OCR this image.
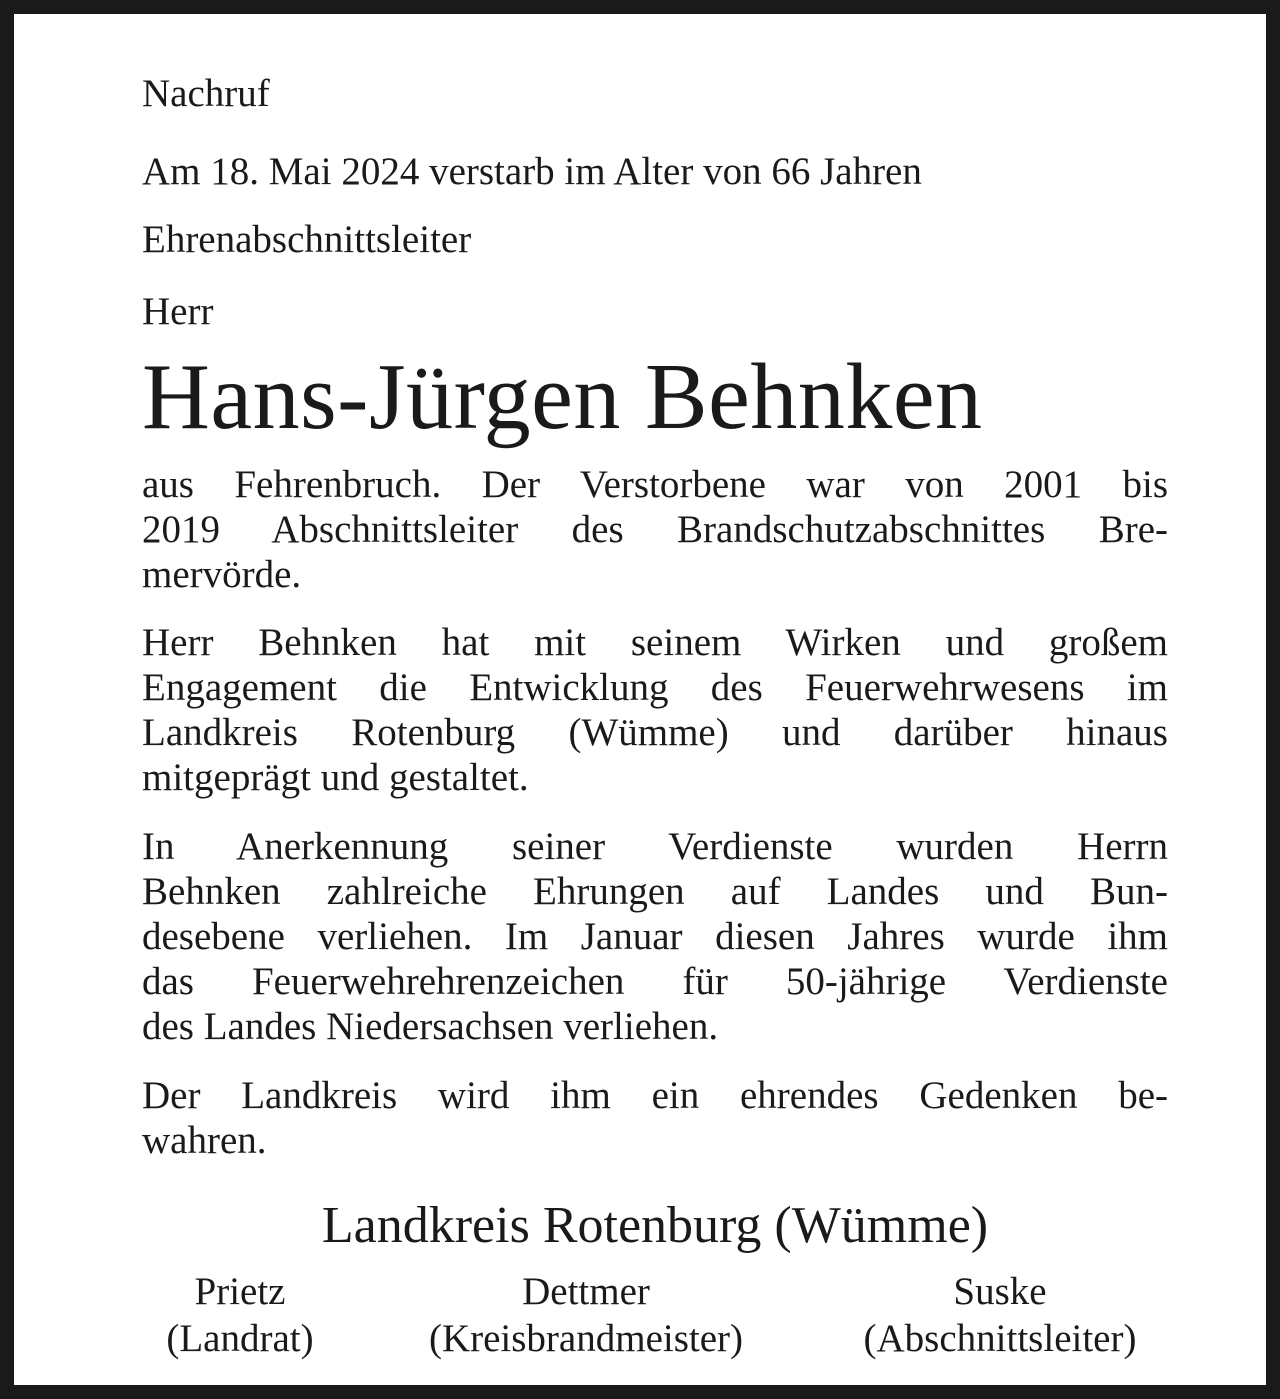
Nachruf
Am 18. Mai 2024 verstarb im Alter von 66 Jahren
Ehrenabschnittsleiter
Herr
Hans-Jürgen Behnken
aus Fehrenbruch. Der Verstorbene war von 2001 bis
2019 Abschnittsleiter des Brandschutzabschnittes Bre-
mervörde.
Herr Behnken hat mit seinem Wirken und großem
Engagement die Entwicklung des Feuerwehrwesens im
Landkreis Rotenburg (Wümme) und darüber hinaus
mitgeprägt und gestaltet.
In Anerkennung seiner Verdienste wurden Herrn
Behnken zahlreiche Ehrungen auf Landes und Bun-
desebene verliehen. Im Januar diesen Jahres wurde ihm
das Feuerwehrehrenzeichen für 50-jährige Verdienste
des Landes Niedersachsen verliehen.
Der Landkreis wird ihm ein ehrendes Gedenken be-
wahren.
Landkreis Rotenburg (Wümme)
Prietz
(Landrat)
Dettmer
(Kreisbrandmeister)
Suske
(Abschnittsleiter)
